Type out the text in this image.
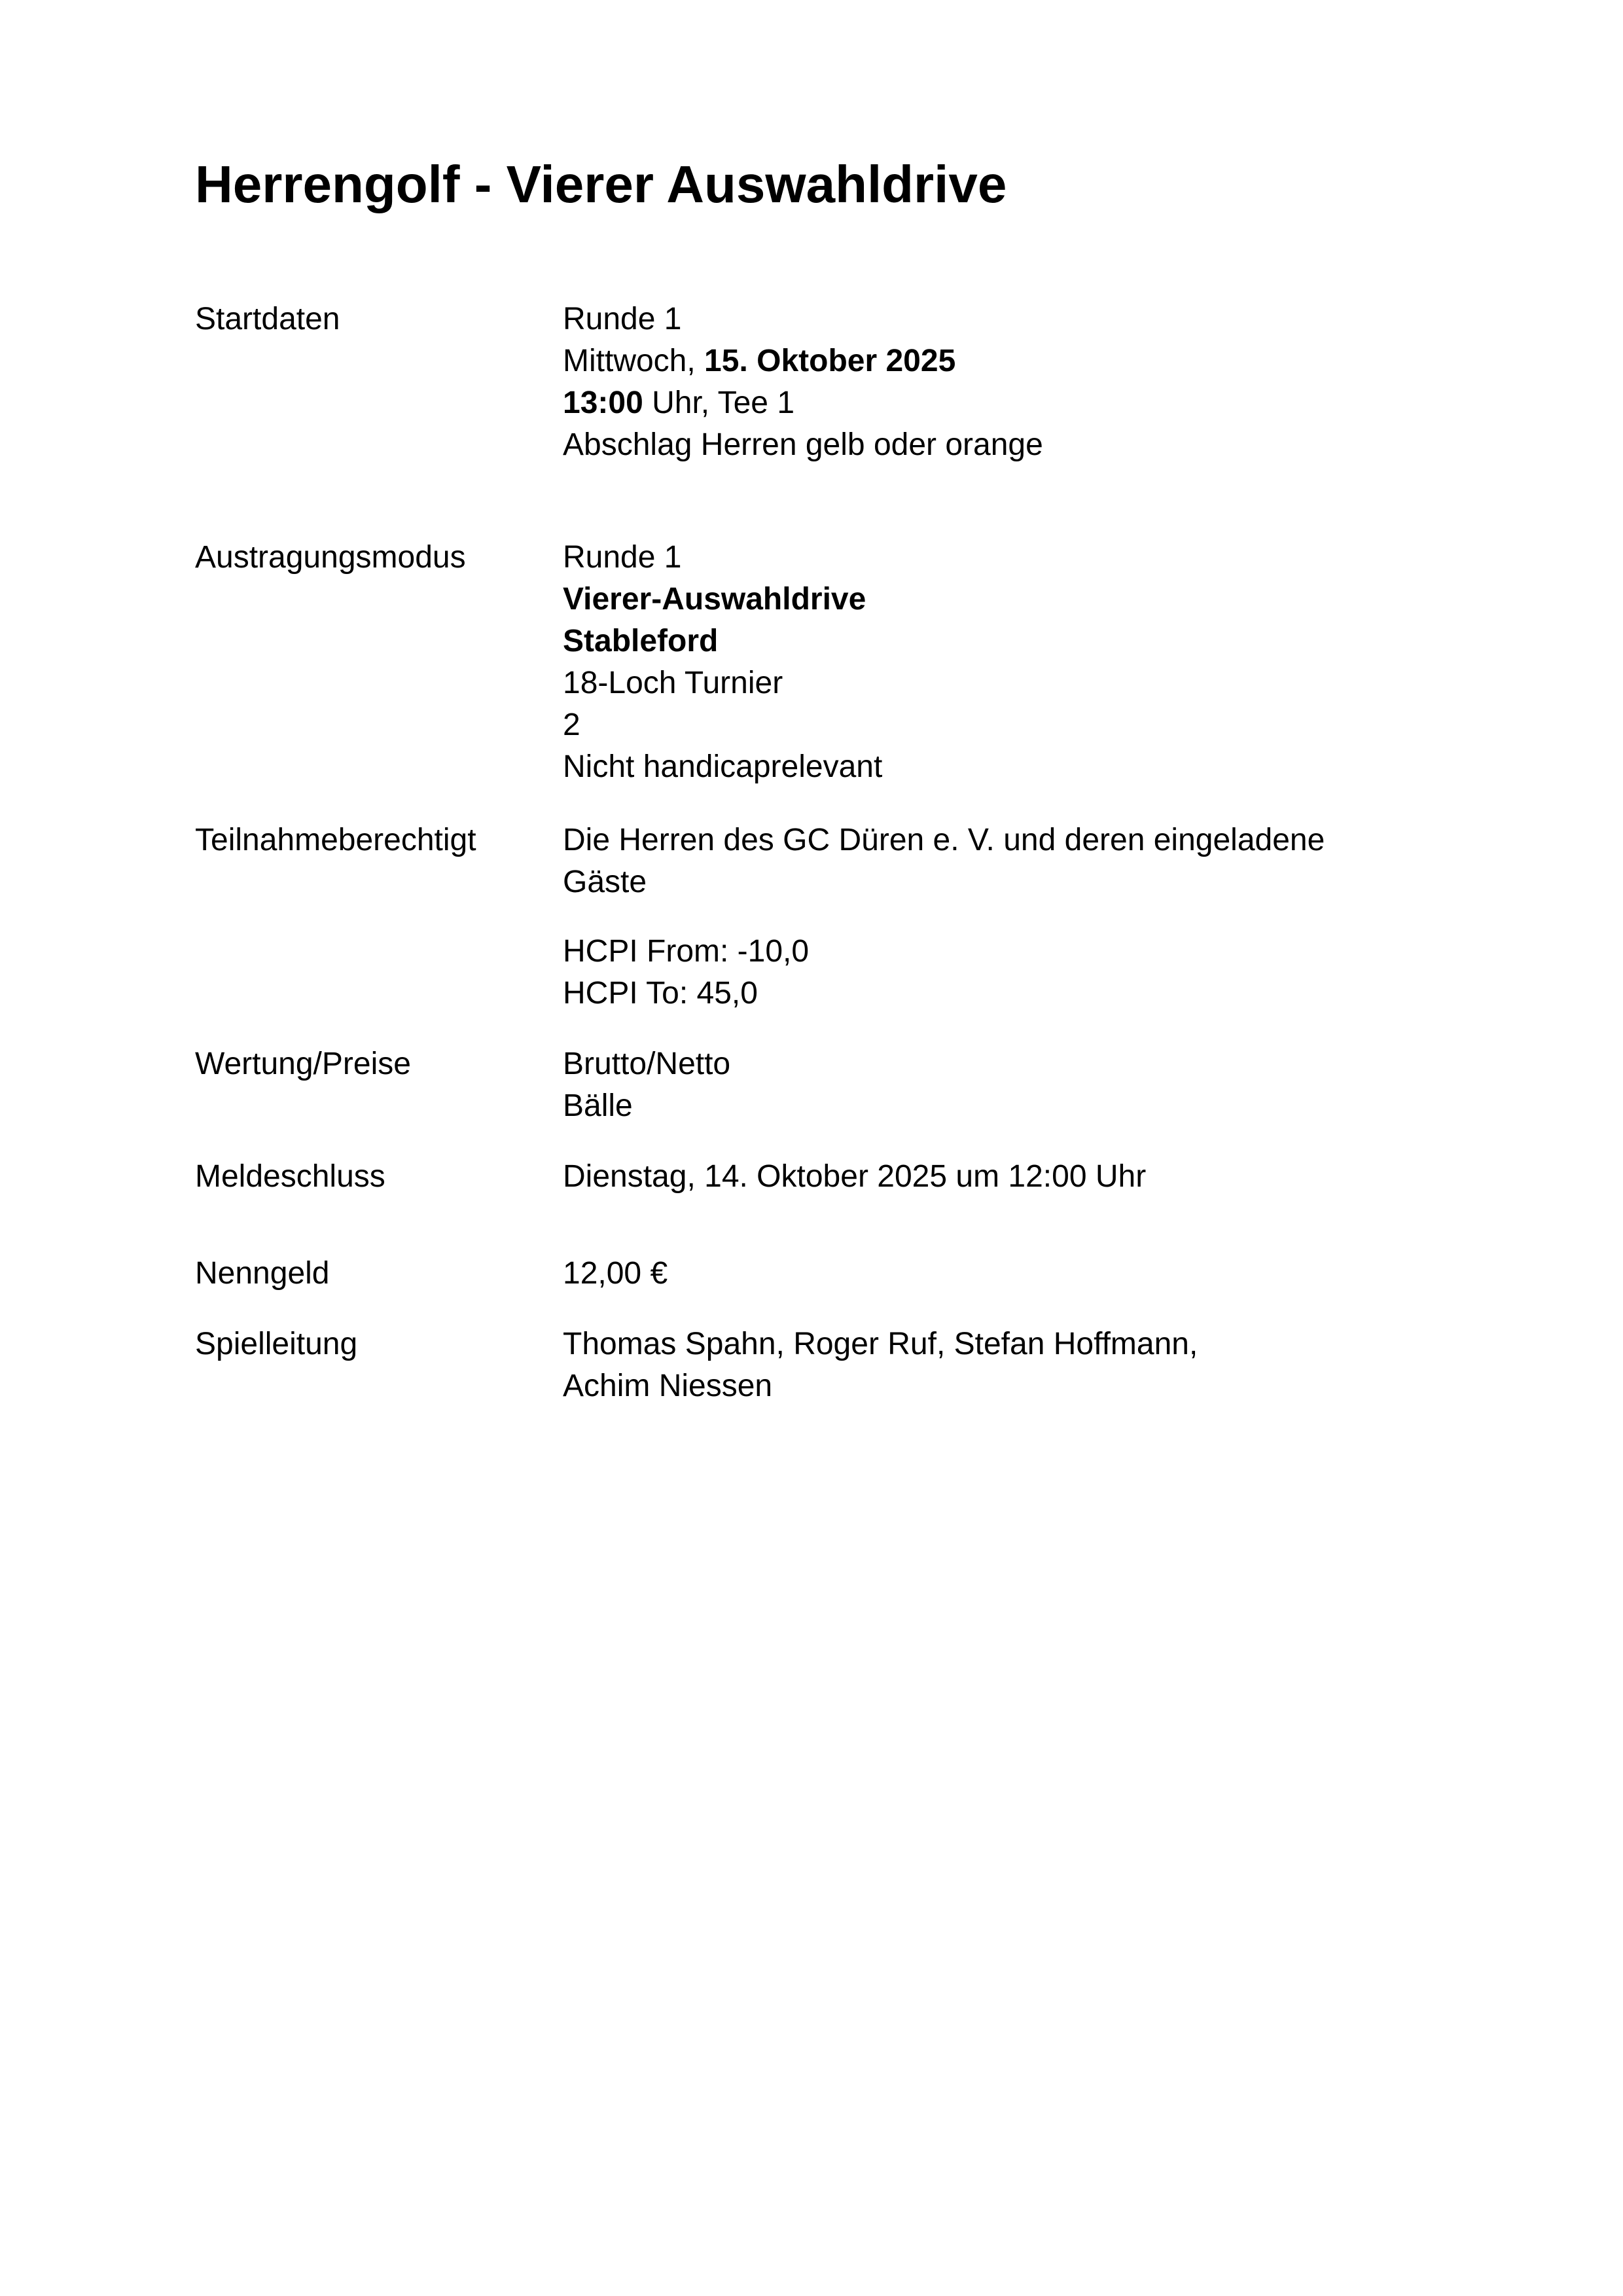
Herrengolf - Vierer Auswahldrive
Startdaten	Runde 1
Mittwoch, 15. Oktober 2025
13:00 Uhr, Tee 1
Abschlag Herren gelb oder orange
Austragungsmodus	Runde 1
Vierer-Auswahldrive
Stableford
18-Loch Turnier
2
Nicht handicaprelevant
Teilnahmeberechtigt	Die Herren des GC Düren e. V. und deren eingeladene
Gäste
HCPI From: -10,0
HCPI To: 45,0
Wertung/Preise	Brutto/Netto
Bälle
Meldeschluss	Dienstag, 14. Oktober 2025 um 12:00 Uhr
Nenngeld	12,00 €
Spielleitung	Thomas Spahn, Roger Ruf, Stefan Hoffmann,
Achim Niessen
